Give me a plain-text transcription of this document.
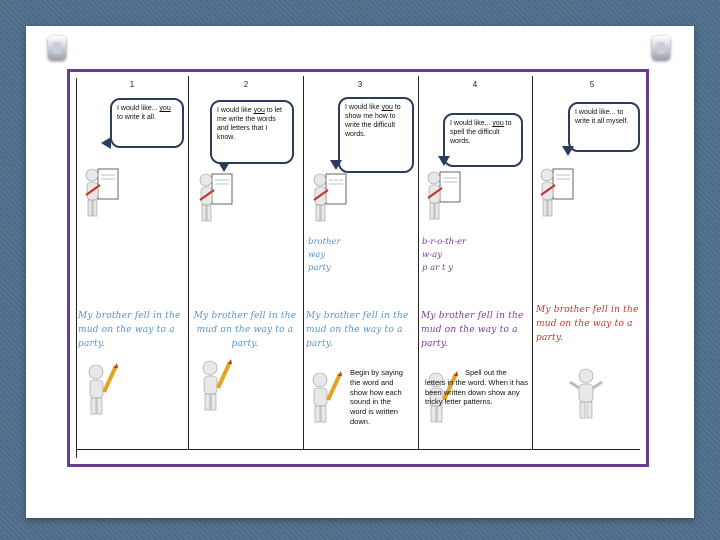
1	2	3	4	5
I would like... you to write it all.
I would like you to let me write the words and letters that I know.
I would like you to show me how to write the difficult words.
I would like... you to spell the difficult words.
I would like... to write it all myself.
brother
way
party
b-r-o-th-er
w-ay
p ar t y
My brother fell in the mud on the way to a party.
My brother fell in the mud on the way to a party.
My brother fell in the mud on the way to a party.
My brother fell in the mud on the way to a party.
My brother fell in the mud on the way to a party.
Begin by saying the word and show how each sound in the word is written down.
Spell out the letters in the word. When it has been written down show any tricky letter patterns.
